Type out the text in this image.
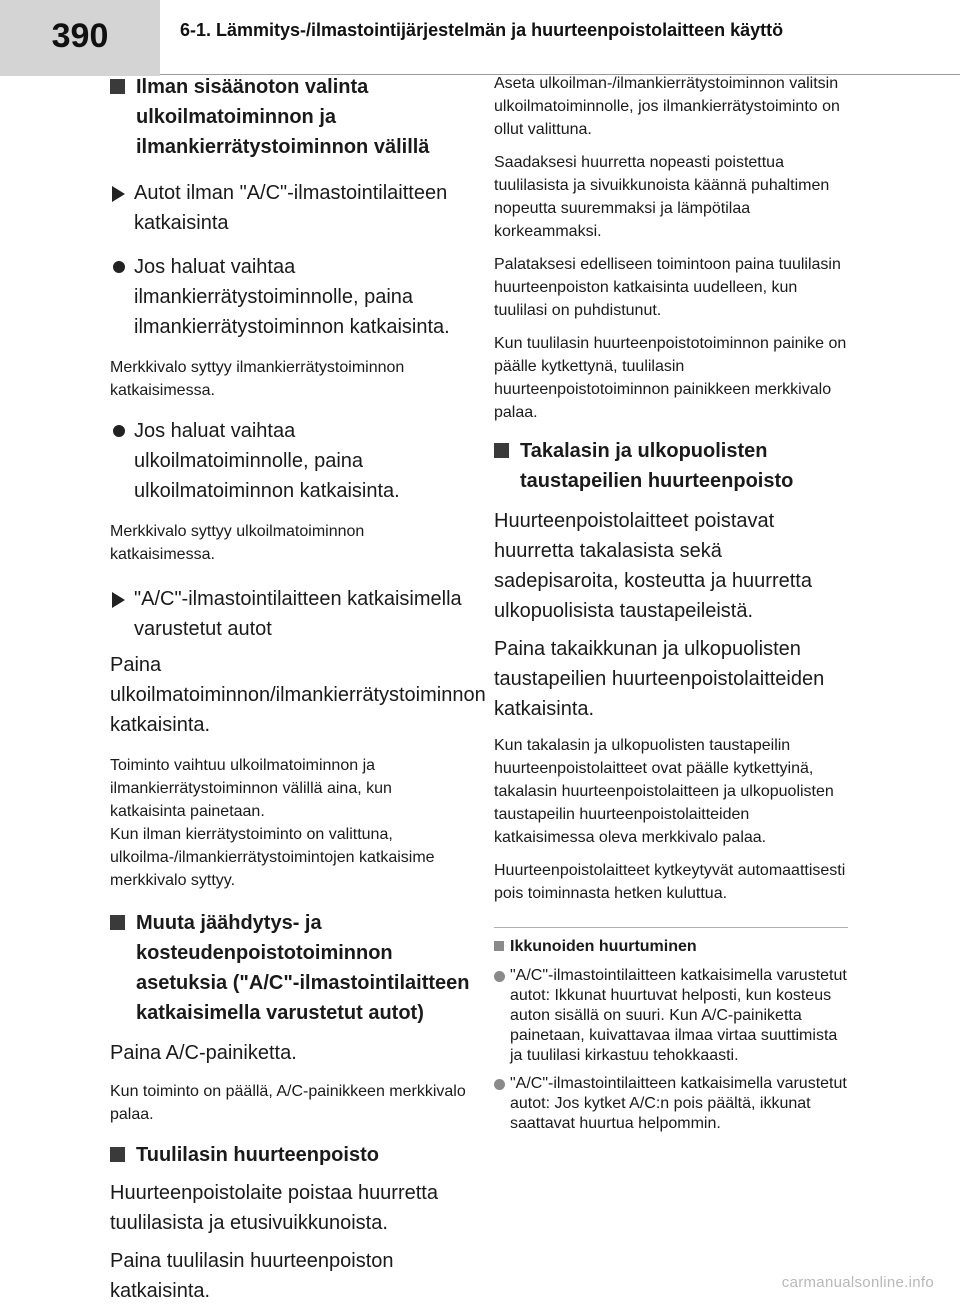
390	6-1. Lämmitys-/ilmastointijärjestelmän ja huurteenpoistolaitteen käyttö
Ilman sisäänoton valinta ulkoilmatoiminnon ja ilmankierrätystoiminnon välillä
Autot ilman "A/C"-ilmastointilaitteen katkaisinta
Jos haluat vaihtaa ilmankierrätystoiminnolle, paina ilmankierrätystoiminnon katkaisinta.
Merkkivalo syttyy ilmankierrätystoiminnon katkaisimessa.
Jos haluat vaihtaa ulkoilmatoiminnolle, paina ulkoilmatoiminnon katkaisinta.
Merkkivalo syttyy ulkoilmatoiminnon katkaisimessa.
"A/C"-ilmastointilaitteen katkaisimella varustetut autot
Paina ulkoilmatoiminnon/ilmankierrätystoiminnon katkaisinta.
Toiminto vaihtuu ulkoilmatoiminnon ja ilmankierrätystoiminnon välillä aina, kun katkaisinta painetaan.
Kun ilman kierrätystoiminto on valittuna, ulkoilma-/ilmankierrätystoimintojen katkaisime merkkivalo syttyy.
Muuta jäähdytys- ja kosteudenpoistotoiminnon asetuksia ("A/C"-ilmastointilaitteen katkaisimella varustetut autot)
Paina A/C-painiketta.
Kun toiminto on päällä, A/C-painikkeen merkkivalo palaa.
Tuulilasin huurteenpoisto
Huurteenpoistolaite poistaa huurretta tuulilasista ja etusivuikkunoista.
Paina tuulilasin huurteenpoiston katkaisinta.
Aseta ulkoilman-/ilmankierrätystoiminnon valitsin ulkoilmatoiminnolle, jos ilmankierrätystoiminto on ollut valittuna.
Saadaksesi huurretta nopeasti poistettua tuulilasista ja sivuikkunoista käännä puhaltimen nopeutta suuremmaksi ja lämpötilaa korkeammaksi.
Palataksesi edelliseen toimintoon paina tuulilasin huurteenpoiston katkaisinta uudelleen, kun tuulilasi on puhdistunut.
Kun tuulilasin huurteenpoistotoiminnon painike on päälle kytkettynä, tuulilasin huurteenpoistotoiminnon painikkeen merkkivalo palaa.
Takalasin ja ulkopuolisten taustapeilien huurteenpoisto
Huurteenpoistolaitteet poistavat huurretta takalasista sekä sadepisaroita, kosteutta ja huurretta ulkopuolisista taustapeileistä.
Paina takaikkunan ja ulkopuolisten taustapeilien huurteenpoistolaitteiden katkaisinta.
Kun takalasin ja ulkopuolisten taustapeilin huurteenpoistolaitteet ovat päälle kytkettyinä, takalasin huurteenpoistolaitteen ja ulkopuolisten taustapeilin huurteenpoistolaitteiden katkaisimessa oleva merkkivalo palaa.
Huurteenpoistolaitteet kytkeytyvät automaattisesti pois toiminnasta hetken kuluttua.
Ikkunoiden huurtuminen
"A/C"-ilmastointilaitteen katkaisimella varustetut autot: Ikkunat huurtuvat helposti, kun kosteus auton sisällä on suuri. Kun A/C-painiketta painetaan, kuivattavaa ilmaa virtaa suuttimista ja tuulilasi kirkastuu tehokkaasti.
"A/C"-ilmastointilaitteen katkaisimella varustetut autot: Jos kytket A/C:n pois päältä, ikkunat saattavat huurtua helpommin.
carmanualsonline.info
